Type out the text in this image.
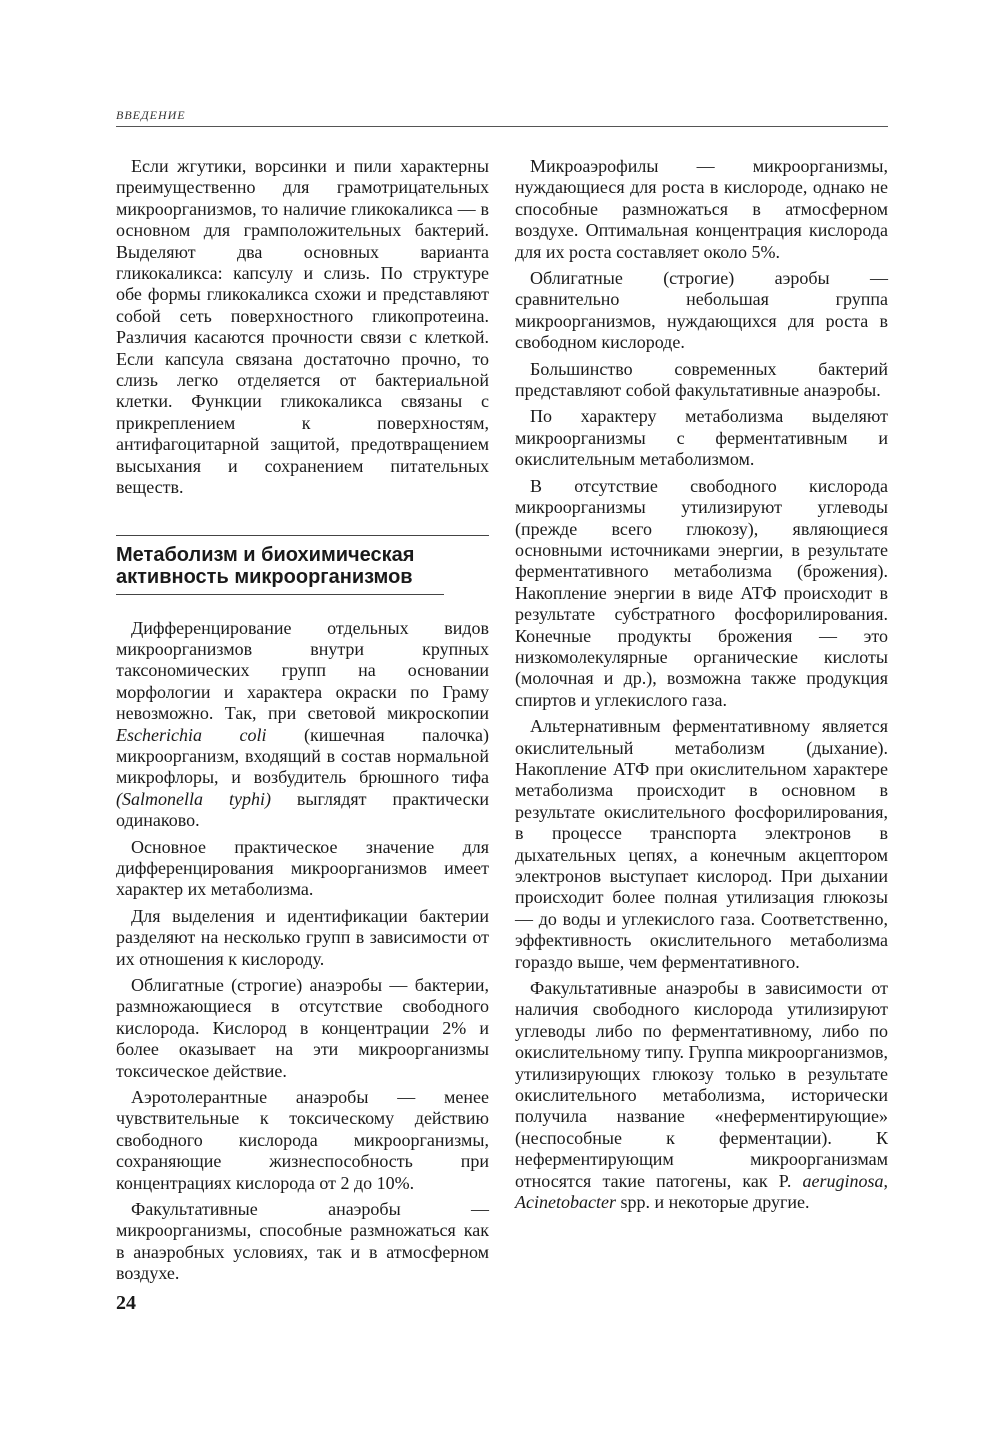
ВВЕДЕНИЕ

Если жгутики, ворсинки и пили характерны преимущественно для грамотрицательных микроорганизмов, то наличие гликокаликса — в основном для грамположительных бактерий. Выделяют два основных варианта гликокаликса: капсулу и слизь. По структуре обе формы гликокаликса схожи и представляют собой сеть поверхностного гликопротеина. Различия касаются прочности связи с клеткой. Если капсула связана достаточно прочно, то слизь легко отделяется от бактериальной клетки. Функции гликокаликса связаны с прикреплением к поверхностям, антифагоцитарной защитой, предотвращением высыхания и сохранением питательных веществ.

Метаболизм и биохимическая активность микроорганизмов

Дифференцирование отдельных видов микроорганизмов внутри крупных таксономических групп на основании морфологии и характера окраски по Граму невозможно. Так, при световой микроскопии Escherichia coli (кишечная палочка) микроорганизм, входящий в состав нормальной микрофлоры, и возбудитель брюшного тифа (Salmonella typhi) выглядят практически одинаково.

Основное практическое значение для дифференцирования микроорганизмов имеет характер их метаболизма.

Для выделения и идентификации бактерии разделяют на несколько групп в зависимости от их отношения к кислороду.

Облигатные (строгие) анаэробы — бактерии, размножающиеся в отсутствие свободного кислорода. Кислород в концентрации 2% и более оказывает на эти микроорганизмы токсическое действие.

Аэротолерантные анаэробы — менее чувствительные к токсическому действию свободного кислорода микроорганизмы, сохраняющие жизнеспособность при концентрациях кислорода от 2 до 10%.

Факультативные анаэробы — микроорганизмы, способные размножаться как в анаэробных условиях, так и в атмосферном воздухе.

Микроаэрофилы — микроорганизмы, нуждающиеся для роста в кислороде, однако не способные размножаться в атмосферном воздухе. Оптимальная концентрация кислорода для их роста составляет около 5%.

Облигатные (строгие) аэробы — сравнительно небольшая группа микроорганизмов, нуждающихся для роста в свободном кислороде.

Большинство современных бактерий представляют собой факультативные анаэробы.

По характеру метаболизма выделяют микроорганизмы с ферментативным и окислительным метаболизмом.

В отсутствие свободного кислорода микроорганизмы утилизируют углеводы (прежде всего глюкозу), являющиеся основными источниками энергии, в результате ферментативного метаболизма (брожения). Накопление энергии в виде АТФ происходит в результате субстратного фосфорилирования. Конечные продукты брожения — это низкомолекулярные органические кислоты (молочная и др.), возможна также продукция спиртов и углекислого газа.

Альтернативным ферментативному является окислительный метаболизм (дыхание). Накопление АТФ при окислительном характере метаболизма происходит в основном в результате окислительного фосфорилирования, в процессе транспорта электронов в дыхательных цепях, а конечным акцептором электронов выступает кислород. При дыхании происходит более полная утилизация глюкозы — до воды и углекислого газа. Соответственно, эффективность окислительного метаболизма гораздо выше, чем ферментативного.

Факультативные анаэробы в зависимости от наличия свободного кислорода утилизируют углеводы либо по ферментативному, либо по окислительному типу. Группа микроорганизмов, утилизирующих глюкозу только в результате окислительного метаболизма, исторически получила название «неферментирующие» (неспособные к ферментации). К неферментирующим микроорганизмам относятся такие патогены, как P. aeruginosa, Acinetobacter spp. и некоторые другие.

24
